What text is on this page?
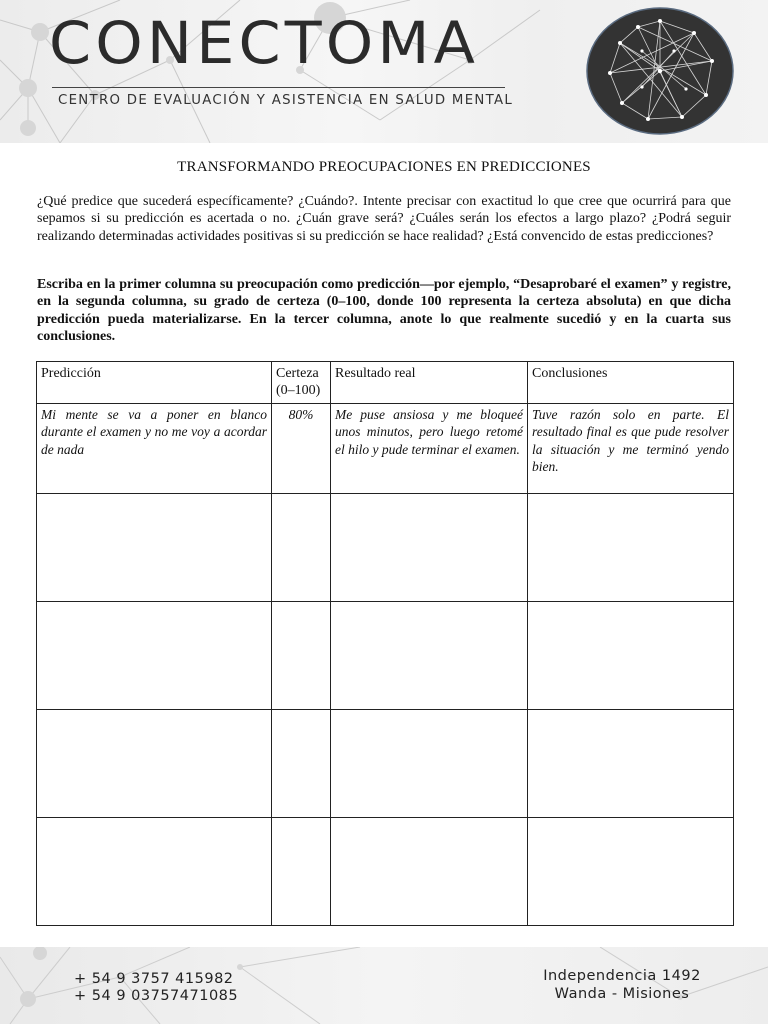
CONECTOMA
CENTRO DE EVALUACIÓN Y ASISTENCIA EN SALUD MENTAL
TRANSFORMANDO PREOCUPACIONES EN PREDICCIONES

¿Qué predice que sucederá específicamente? ¿Cuándo?. Intente precisar con exactitud lo que cree que ocurrirá para que sepamos si su predicción es acertada o no. ¿Cuán grave será? ¿Cuáles serán los efectos a largo plazo? ¿Podrá seguir realizando determinadas actividades positivas si su predicción se hace realidad? ¿Está convencido de estas predicciones?

Escriba en la primer columna su preocupación como predicción—por ejemplo, “Desaprobaré el examen” y registre, en la segunda columna, su grado de certeza (0–100, donde 100 representa la certeza absoluta) en que dicha predicción pueda materializarse. En la tercer columna, anote lo que realmente sucedió y en la cuarta sus conclusiones.

Predicción	Certeza (0–100)	Resultado real	Conclusiones
Mi mente se va a poner en blanco durante el examen y no me voy a acordar de nada	80%	Me puse ansiosa y me bloqueé unos minutos, pero luego retomé el hilo y pude terminar el examen.	Tuve razón solo en parte. El resultado final es que pude resolver la situación y me terminó yendo bien.

+ 54 9 3757 415982
+ 54 9 03757471085
Independencia 1492
Wanda - Misiones
